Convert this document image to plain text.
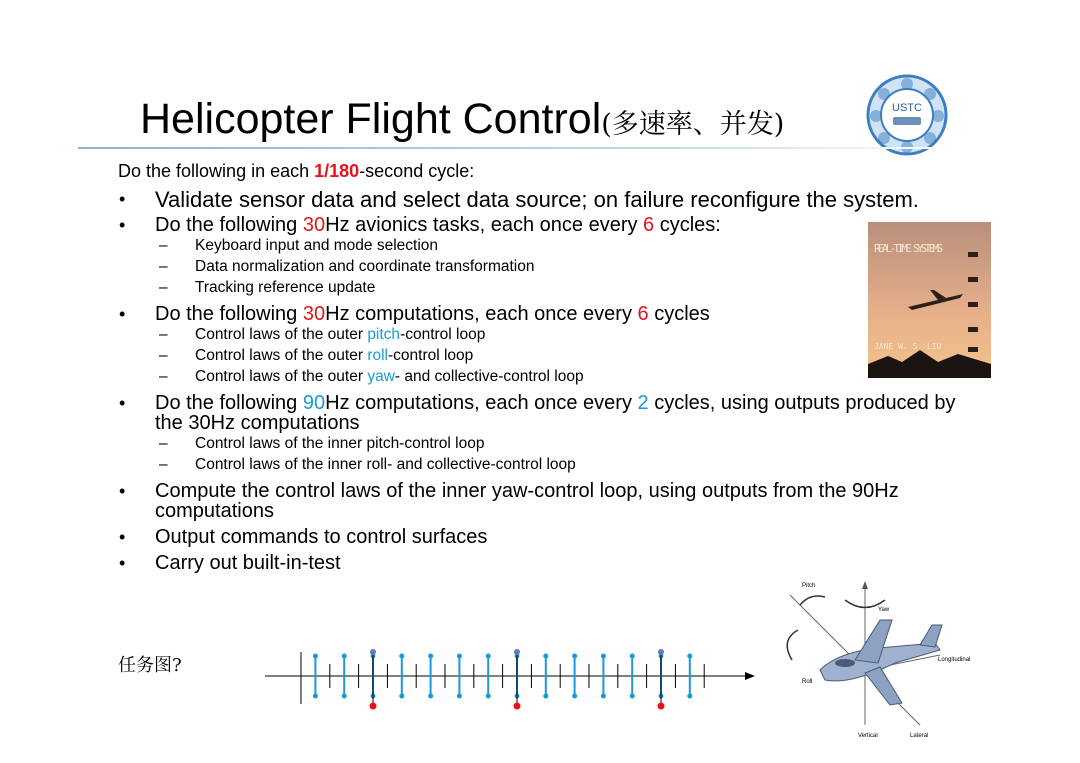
Helicopter Flight Control(多速率、并发)
USTC
Do the following in each 1/180-second cycle:
• Validate sensor data and select data source; on failure reconfigure the system.
• Do the following 30Hz avionics tasks, each once every 6 cycles:
– Keyboard input and mode selection
– Data normalization and coordinate transformation
– Tracking reference update
• Do the following 30Hz computations, each once every 6 cycles
– Control laws of the outer pitch-control loop
– Control laws of the outer roll-control loop
– Control laws of the outer yaw- and collective-control loop
• Do the following 90Hz computations, each once every 2 cycles, using outputs produced by the 30Hz computations
– Control laws of the inner pitch-control loop
– Control laws of the inner roll- and collective-control loop
• Compute the control laws of the inner yaw-control loop, using outputs from the 90Hz computations
• Output commands to control surfaces
• Carry out built-in-test
REAL-TIME SYSTEMS
JANE W. S. LIU
任务图?
Pitch
Yaw
Roll
Longitudinal
Vertical	Lateral
